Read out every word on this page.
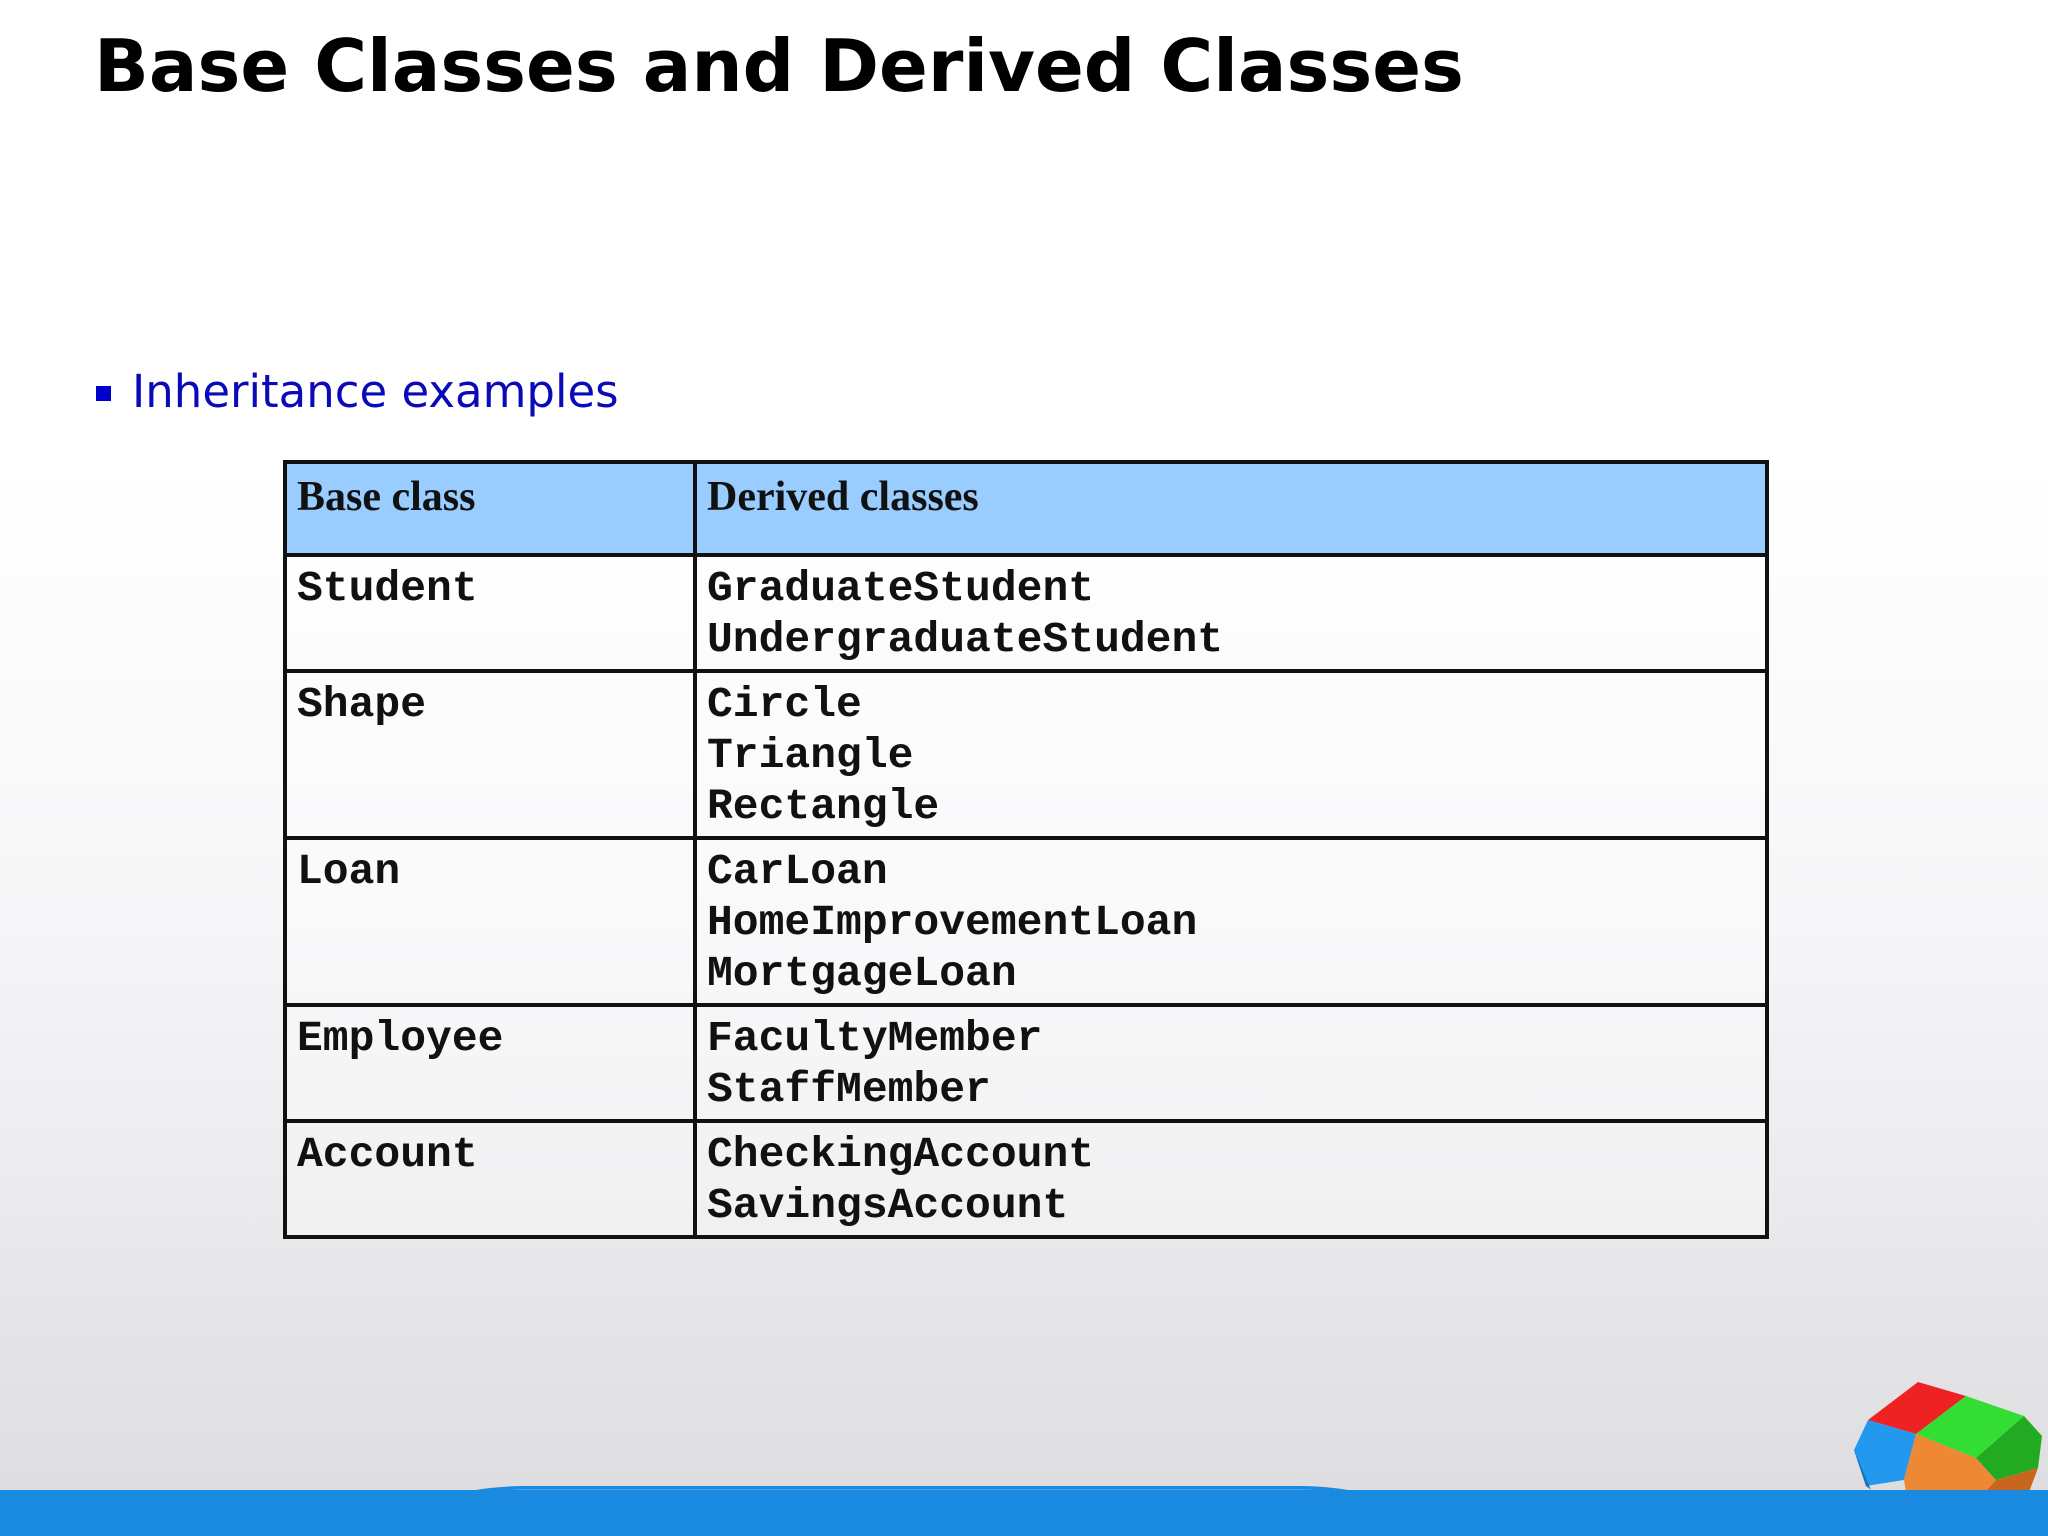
Base Classes and Derived Classes
Inheritance examples
Base class	Derived classes
Student	GraduateStudent
UndergraduateStudent

Shape	Circle
Triangle
Rectangle

Loan	CarLoan
HomeImprovementLoan
MortgageLoan

Employee	FacultyMember
StaffMember

Account	CheckingAccount
SavingsAccount
